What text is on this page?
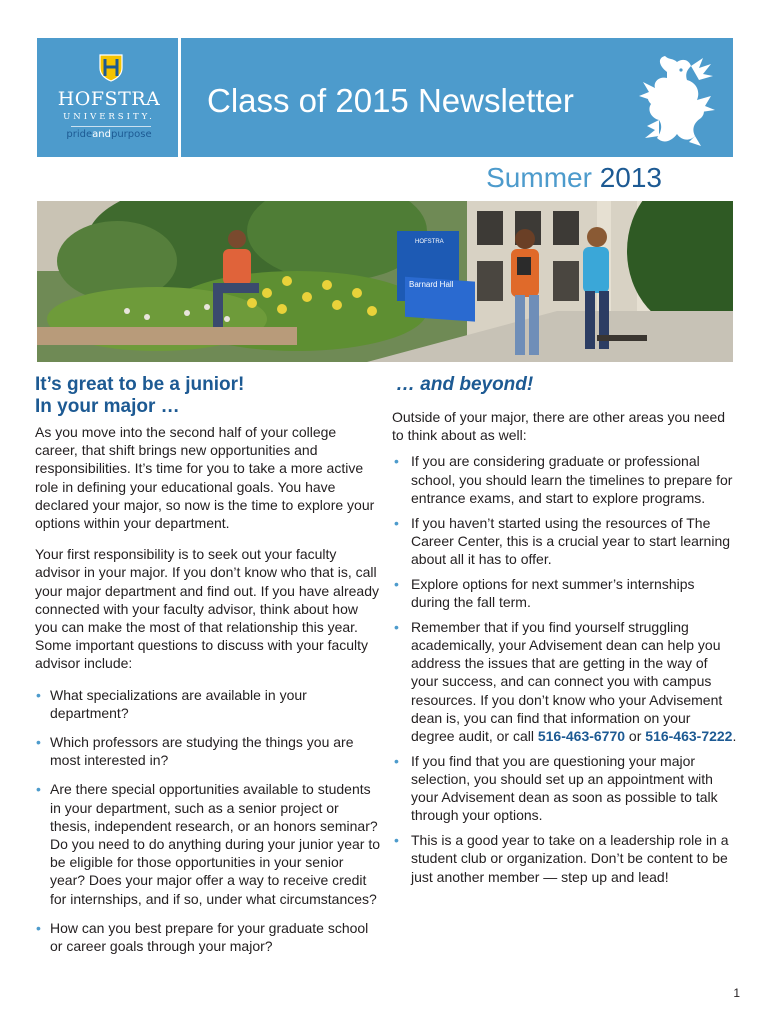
HOFSTRA
UNIVERSITY.
prideandpurpose
Class of 2015 Newsletter
Summer 2013
HOFSTRA
Barnard Hall
It’s great to be a junior!
In your major …

As you move into the second half of your college career, that shift brings new opportunities and responsibilities. It’s time for you to take a more active role in defining your educational goals. You have declared your major, so now is the time to explore your options within your department.

Your first responsibility is to seek out your faculty advisor in your major. If you don’t know who that is, call your major department and find out. If you have already connected with your faculty advisor, think about how you can make the most of that relationship this year. Some important questions to discuss with your faculty advisor include:

• What specializations are available in your department?
• Which professors are studying the things you are most interested in?
• Are there special opportunities available to students in your department, such as a senior project or thesis, independent research, or an honors seminar? Do you need to do anything during your junior year to be eligible for those opportunities in your senior year? Does your major offer a way to receive credit for internships, and if so, under what circumstances?
• How can you best prepare for your graduate school or career goals through your major?
… and beyond!

Outside of your major, there are other areas you need to think about as well:

• If you are considering graduate or professional school, you should learn the timelines to prepare for entrance exams, and start to explore programs.
• If you haven’t started using the resources of The Career Center, this is a crucial year to start learning about all it has to offer.
• Explore options for next summer’s internships during the fall term.
• Remember that if you find yourself struggling academically, your Advisement dean can help you address the issues that are getting in the way of your success, and can connect you with campus resources. If you don’t know who your Advisement dean is, you can find that information on your degree audit, or call 516-463-6770 or 516-463-7222.
• If you find that you are questioning your major selection, you should set up an appointment with your Advisement dean as soon as possible to talk through your options.
• This is a good year to take on a leadership role in a student club or organization. Don’t be content to be just another member — step up and lead!
1
